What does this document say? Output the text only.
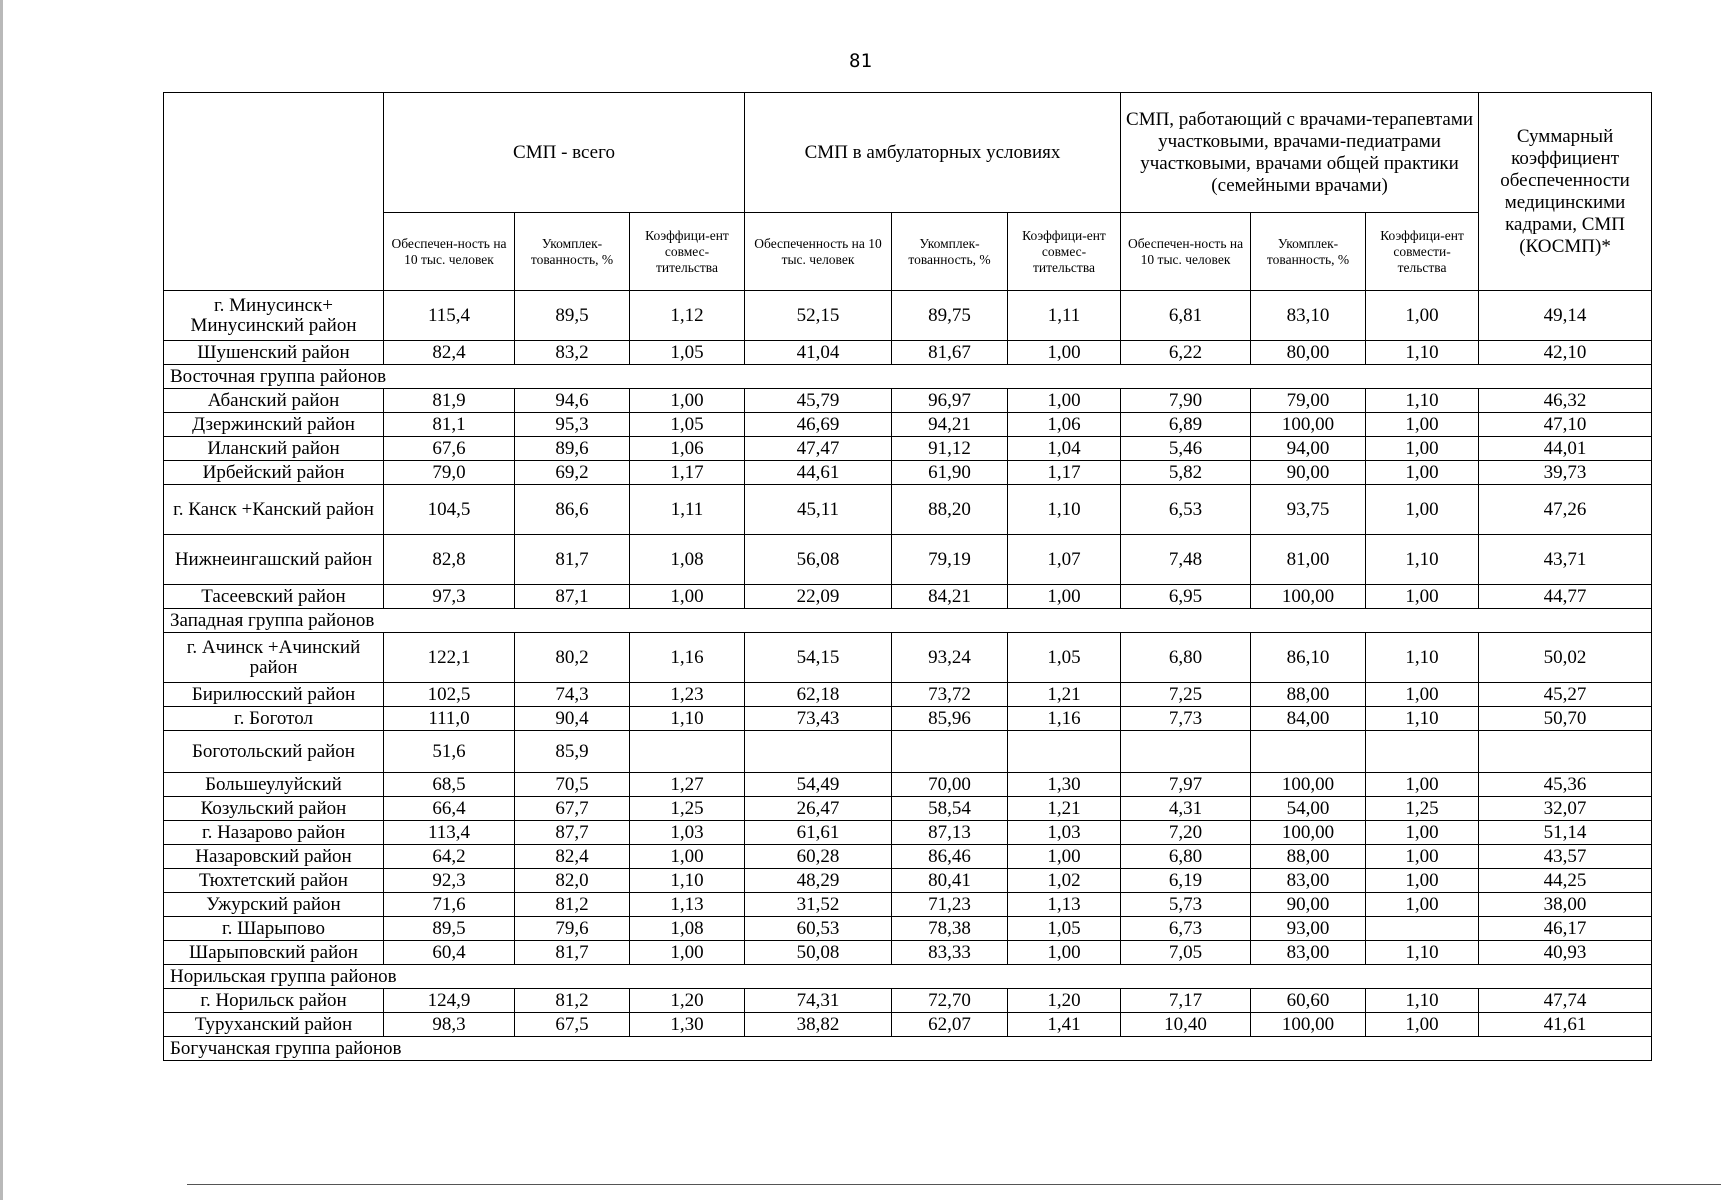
81
	СМП - всего			СМП в амбулаторных условиях			СМП, работающий с врачами-терапевтами участковыми, врачами-педиатрами участковыми, врачами общей практики (семейными врачами)			Суммарный коэффициент обеспеченности медицинскими кадрами, СМП (КОСМП)*
	Обеспечен-ность на 10 тыс. человек	Укомплек-тованность, %	Коэффици-ент совмес-тительства	Обеспеченность на 10 тыс. человек	Укомплек-тованность, %	Коэффици-ент совмес-тительства	Обеспечен-ность на 10 тыс. человек	Укомплек-тованность, %	Коэффици-ент совмести-тельства	
г. Минусинск+ Минусинский район	115,4	89,5	1,12	52,15	89,75	1,11	6,81	83,10	1,00	49,14
Шушенский район	82,4	83,2	1,05	41,04	81,67	1,00	6,22	80,00	1,10	42,10
Восточная группа районов										
Абанский район	81,9	94,6	1,00	45,79	96,97	1,00	7,90	79,00	1,10	46,32
Дзержинский район	81,1	95,3	1,05	46,69	94,21	1,06	6,89	100,00	1,00	47,10
Иланский район	67,6	89,6	1,06	47,47	91,12	1,04	5,46	94,00	1,00	44,01
Ирбейский район	79,0	69,2	1,17	44,61	61,90	1,17	5,82	90,00	1,00	39,73
г. Канск +Канский район	104,5	86,6	1,11	45,11	88,20	1,10	6,53	93,75	1,00	47,26
Нижнеингашский район	82,8	81,7	1,08	56,08	79,19	1,07	7,48	81,00	1,10	43,71
Тасеевский район	97,3	87,1	1,00	22,09	84,21	1,00	6,95	100,00	1,00	44,77
Западная группа районов										
г. Ачинск +Ачинский район	122,1	80,2	1,16	54,15	93,24	1,05	6,80	86,10	1,10	50,02
Бирилюсский район	102,5	74,3	1,23	62,18	73,72	1,21	7,25	88,00	1,00	45,27
г. Боготол	111,0	90,4	1,10	73,43	85,96	1,16	7,73	84,00	1,10	50,70
Боготольский район	51,6	85,9								
Большеулуйский	68,5	70,5	1,27	54,49	70,00	1,30	7,97	100,00	1,00	45,36
Козульский район	66,4	67,7	1,25	26,47	58,54	1,21	4,31	54,00	1,25	32,07
г. Назарово район	113,4	87,7	1,03	61,61	87,13	1,03	7,20	100,00	1,00	51,14
Назаровский район	64,2	82,4	1,00	60,28	86,46	1,00	6,80	88,00	1,00	43,57
Тюхтетский район	92,3	82,0	1,10	48,29	80,41	1,02	6,19	83,00	1,00	44,25
Ужурский район	71,6	81,2	1,13	31,52	71,23	1,13	5,73	90,00	1,00	38,00
г. Шарыпово	89,5	79,6	1,08	60,53	78,38	1,05	6,73	93,00		46,17
Шарыповский район	60,4	81,7	1,00	50,08	83,33	1,00	7,05	83,00	1,10	40,93
Норильская группа районов										
г. Норильск район	124,9	81,2	1,20	74,31	72,70	1,20	7,17	60,60	1,10	47,74
Туруханский район	98,3	67,5	1,30	38,82	62,07	1,41	10,40	100,00	1,00	41,61
Богучанская группа районов										
